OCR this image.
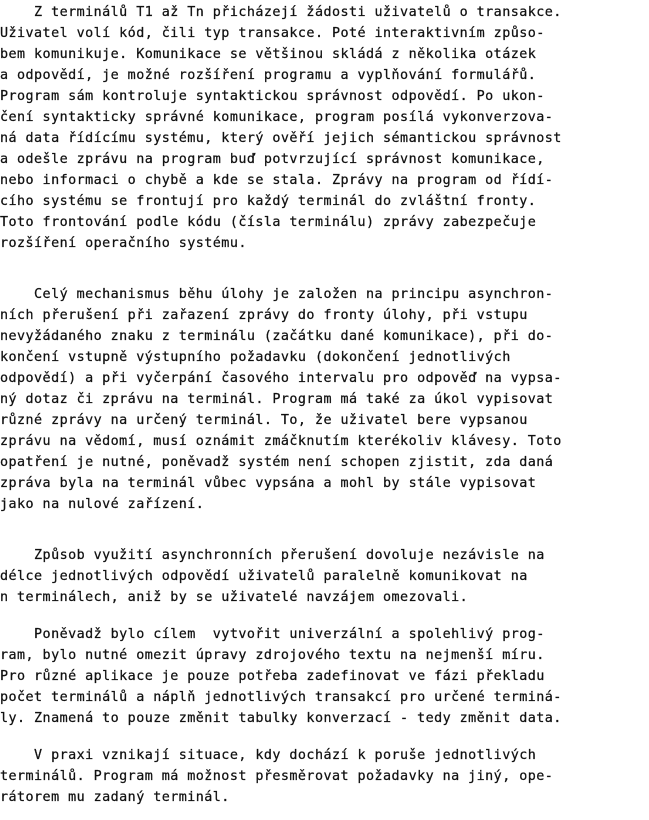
Z terminálů T1 až Tn přicházejí žádosti uživatelů o transakce.
Uživatel volí kód, čili typ transakce. Poté interaktivním způso-
bem komunikuje. Komunikace se většinou skládá z několika otázek
a odpovědí, je možné rozšíření programu a vyplňování formulářů.
Program sám kontroluje syntaktickou správnost odpovědí. Po ukon-
čení syntakticky správné komunikace, program posílá vykonverzova-
ná data řídícímu systému, který ověří jejich sémantickou správnost
a odešle zprávu na program buď potvrzující správnost komunikace,
nebo informaci o chybě a kde se stala. Zprávy na program od řídí-
cího systému se frontují pro každý terminál do zvláštní fronty.
Toto frontování podle kódu (čísla terminálu) zprávy zabezpečuje
rozšíření operačního systému.
Celý mechanismus běhu úlohy je založen na principu asynchron-
ních přerušení při zařazení zprávy do fronty úlohy, při vstupu
nevyžádaného znaku z terminálu (začátku dané komunikace), při do-
končení vstupně výstupního požadavku (dokončení jednotlivých
odpovědí) a při vyčerpání časového intervalu pro odpověď na vypsa-
ný dotaz či zprávu na terminál. Program má také za úkol vypisovat
různé zprávy na určený terminál. To, že uživatel bere vypsanou
zprávu na vědomí, musí oznámit zmáčknutím kterékoliv klávesy. Toto
opatření je nutné, poněvadž systém není schopen zjistit, zda daná
zpráva byla na terminál vůbec vypsána a mohl by stále vypisovat
jako na nulové zařízení.
Způsob využití asynchronních přerušení dovoluje nezávisle na
délce jednotlivých odpovědí uživatelů paralelně komunikovat na
n terminálech, aniž by se uživatelé navzájem omezovali.
Poněvadž bylo cílem  vytvořit univerzální a spolehlivý prog-
ram, bylo nutné omezit úpravy zdrojového textu na nejmenší míru.
Pro různé aplikace je pouze potřeba zadefinovat ve fázi překladu
počet terminálů a náplň jednotlivých transakcí pro určené terminá-
ly. Znamená to pouze změnit tabulky konverzací - tedy změnit data.
V praxi vznikají situace, kdy dochází k poruše jednotlivých
terminálů. Program má možnost přesměrovat požadavky na jiný, ope-
rátorem mu zadaný terminál.
